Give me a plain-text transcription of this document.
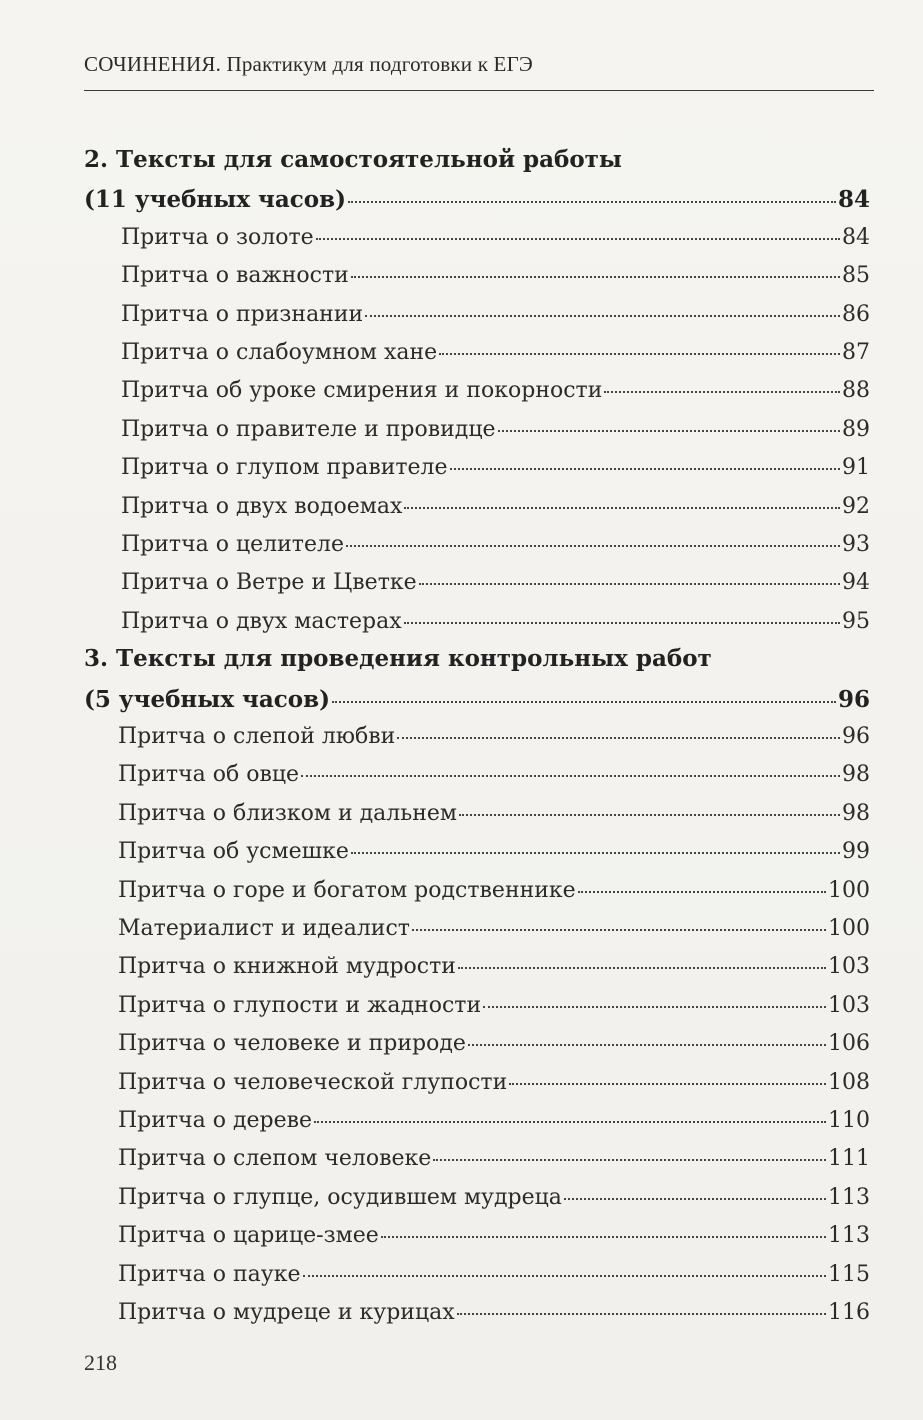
СОЧИНЕНИЯ. Практикум для подготовки к ЕГЭ
2. Тексты для самостоятельной работы
(11 учебных часов)	84
Притча о золоте	84
Притча о важности	85
Притча о признании	86
Притча о слабоумном хане	87
Притча об уроке смирения и покорности	88
Притча о правителе и провидце	89
Притча о глупом правителе	91
Притча о двух водоемах	92
Притча о целителе	93
Притча о Ветре и Цветке	94
Притча о двух мастерах	95
3. Тексты для проведения контрольных работ
(5 учебных часов)	96
Притча о слепой любви	96
Притча об овце	98
Притча о близком и дальнем	98
Притча об усмешке	99
Притча о горе и богатом родственнике	100
Материалист и идеалист	100
Притча о книжной мудрости	103
Притча о глупости и жадности	103
Притча о человеке и природе	106
Притча о человеческой глупости	108
Притча о дереве	110
Притча о слепом человеке	111
Притча о глупце, осудившем мудреца	113
Притча о царице-змее	113
Притча о пауке	115
Притча о мудреце и курицах	116
218
